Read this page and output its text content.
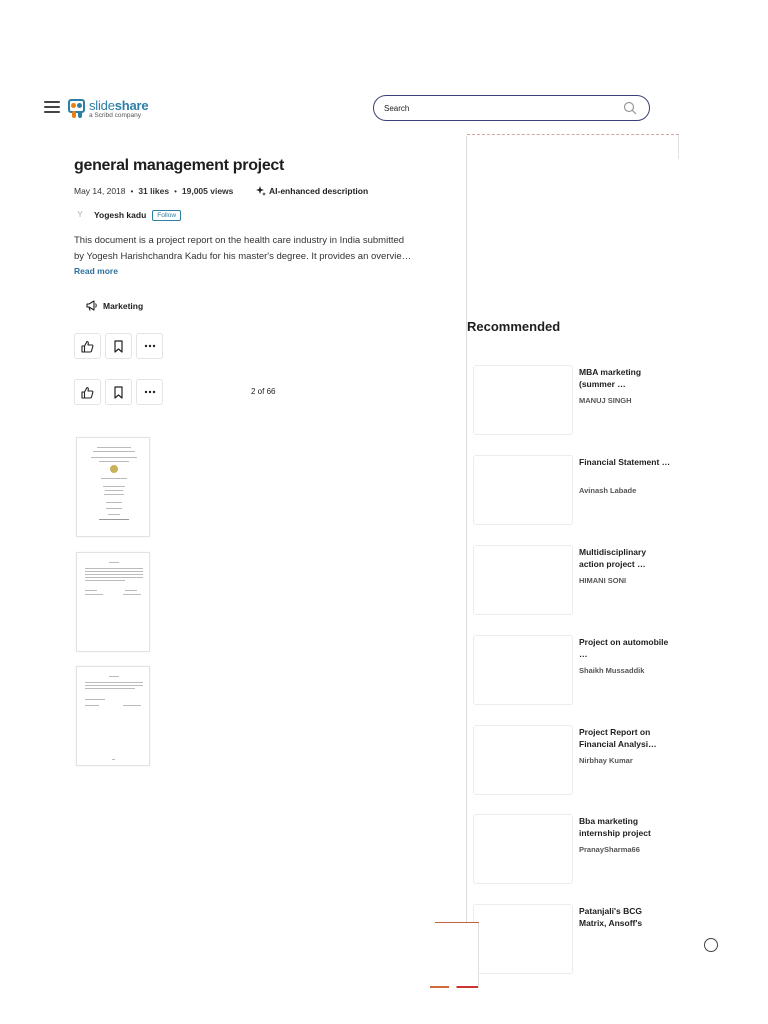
slideshare
a Scribd company
Search
general management project
May 14, 2018 • 31 likes • 19,005 views	AI-enhanced description
Y	Yogesh kadu	Follow
This document is a project report on the health care industry in India submitted
by Yogesh Harishchandra Kadu for his master's degree. It provides an overvie…
Read more
Marketing
2 of 66
Recommended
MBA marketing (summer …
MANUJ SINGH
Financial Statement …
Avinash Labade
Multidisciplinary action project …
HIMANI SONI
Project on automobile …
Shaikh Mussaddik
Project Report on Financial Analysi…
Nirbhay Kumar
Bba marketing internship project
PranaySharma66
Patanjali's BCG Matrix, Ansoff's
